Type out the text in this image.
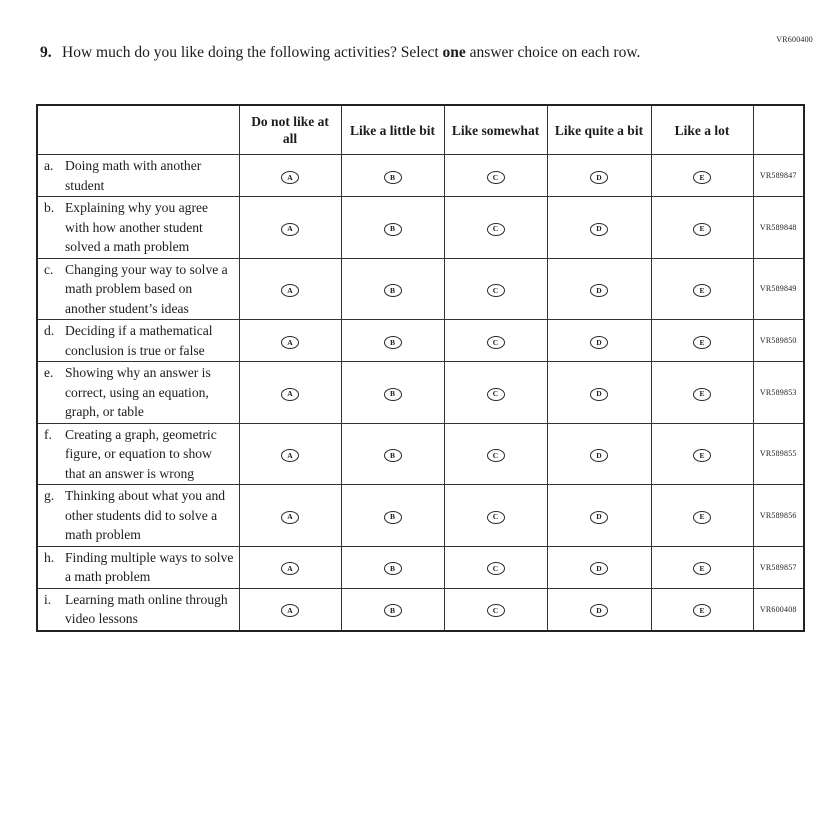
VR600400
9. How much do you like doing the following activities? Select one answer choice on each row.
	Do not like at all	Like a little bit	Like somewhat	Like quite a bit	Like a lot	

a. Doing math with another student	A	B	C	D	E	VR589847

b. Explaining why you agree with how another student solved a math problem	A	B	C	D	E	VR589848

c. Changing your way to solve a math problem based on another student’s ideas	A	B	C	D	E	VR589849

d. Deciding if a mathematical conclusion is true or false	A	B	C	D	E	VR589850

e. Showing why an answer is correct, using an equation, graph, or table	A	B	C	D	E	VR589853

f. Creating a graph, geometric figure, or equation to show that an answer is wrong	A	B	C	D	E	VR589855

g. Thinking about what you and other students did to solve a math problem	A	B	C	D	E	VR589856

h. Finding multiple ways to solve a math problem	A	B	C	D	E	VR589857

i. Learning math online through video lessons	A	B	C	D	E	VR600408
